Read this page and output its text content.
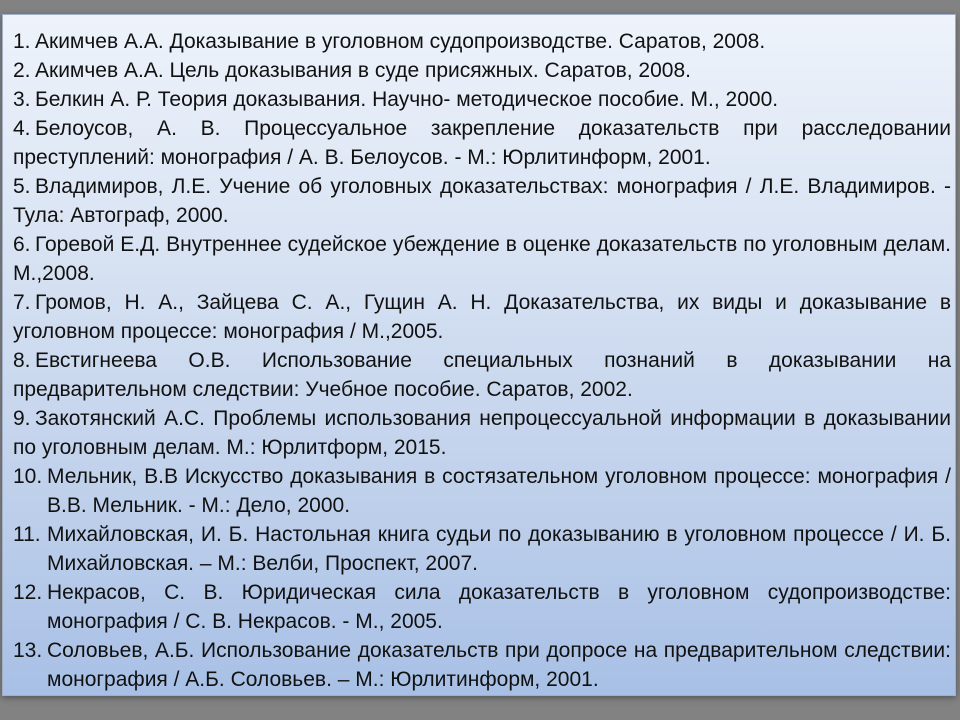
1. Акимчев А.А. Доказывание в уголовном судопроизводстве. Саратов, 2008.
2. Акимчев А.А. Цель доказывания в суде присяжных. Саратов, 2008.
3. Белкин А. Р. Теория доказывания. Научно- методическое пособие. М., 2000.
4. Белоусов, А. В. Процессуальное закрепление доказательств при расследовании преступлений: монография / А. В. Белоусов. - М.: Юрлитинформ, 2001.
5. Владимиров, Л.Е. Учение об уголовных доказательствах: монография / Л.Е. Владимиров. - Тула: Автограф, 2000.
6. Горевой Е.Д. Внутреннее судейское убеждение в оценке доказательств по уголовным делам. М.,2008.
7. Громов, Н. А., Зайцева С. А., Гущин А. Н. Доказательства, их виды и доказывание в уголовном процессе: монография / М.,2005.
8. Евстигнеева О.В. Использование специальных познаний в доказывании на предварительном следствии: Учебное пособие. Саратов, 2002.
9. Закотянский А.С. Проблемы использования непроцессуальной информации в доказывании по уголовным делам. М.: Юрлитформ, 2015.
10. Мельник, В.В Искусство доказывания в состязательном уголовном процессе: монография / В.В. Мельник. - М.: Дело, 2000.
11. Михайловская, И. Б. Настольная книга судьи по доказыванию в уголовном процессе / И. Б. Михайловская. – М.: Велби, Проспект, 2007.
12. Некрасов, С. В. Юридическая сила доказательств в уголовном судопроизводстве: монография / С. В. Некрасов. - М., 2005.
13. Соловьев, А.Б. Использование доказательств при допросе на предварительном следствии: монография / А.Б. Соловьев. – М.: Юрлитинформ, 2001.
